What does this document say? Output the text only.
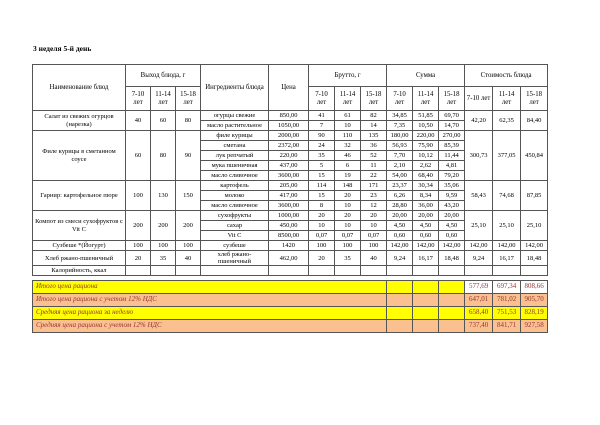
3 неделя 5-й день
Наименование блюд	Выход блюда, г			Ингредиенты блюда	Цена	Брутто, г			Сумма			Стоимость блюда		
	7-10 лет	11-14 лет	15-18 лет			7-10 лет	11-14 лет	15-18 лет	7-10 лет	11-14 лет	15-18 лет	7-10 лет	11-14 лет	15-18 лет
Салат из свежих огурцов (нарезка)	40	60	80	огурцы свежие	850,00	41	61	82	34,85	51,85	69,70	42,20	62,35	84,40
				масло растительное	1050,00	7	10	14	7,35	10,50	14,70			
Филе курицы в сметанном соусе	60	80	90	филе курицы	2000,00	90	110	135	180,00	220,00	270,00	300,73	377,05	450,84
				сметана	2372,00	24	32	36	56,93	75,90	85,39			
				лук репчатый	220,00	35	46	52	7,70	10,12	11,44			
				мука пшеничная	437,00	5	6	11	2,10	2,62	4,81			
				масло сливочное	3600,00	15	19	22	54,00	68,40	79,20			
Гарнир: картофельное пюре	100	130	150	картофель	205,00	114	148	171	23,37	30,34	35,06	58,43	74,68	87,85
				молоко	417,00	15	20	23	6,26	8,34	9,59			
				масло сливочное	3600,00	8	10	12	28,80	36,00	43,20			
Компот из смеси сухофруктов с Vit C	200	200	200	сухофрукты	1000,00	20	20	20	20,00	20,00	20,00	25,10	25,10	25,10
				сахар	450,00	10	10	10	4,50	4,50	4,50			
				Vit C	8500,00	0,07	0,07	0,07	0,60	0,60	0,60			
Сузбеше *(Йогурт)	100	100	100	сузбеше	1420	100	100	100	142,00	142,00	142,00	142,00	142,00	142,00
Хлеб ржано-пшеничный	20	35	40	хлеб ржано-пшеничный	462,00	20	35	40	9,24	16,17	18,48	9,24	16,17	18,48
Калорийность, ккал														

Итого цена рациона												577,69	697,34	808,66
Итого цена рациона с учетом 12% НДС												647,01	781,02	905,70
Средняя цена рациона за неделю												658,40	751,53	828,19
Средняя цена рациона с учетом 12% НДС												737,40	841,71	927,58
